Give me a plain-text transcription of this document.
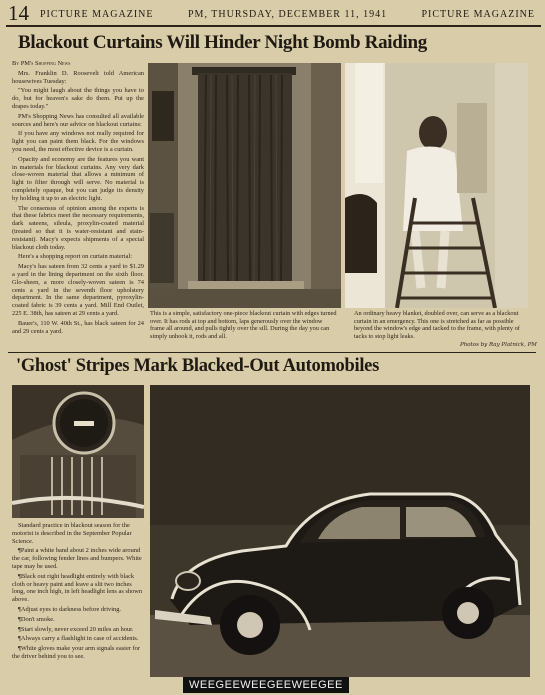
14 PICTURE MAGAZINE	PM, THURSDAY, DECEMBER 11, 1941	PICTURE MAGAZINE
Blackout Curtains Will Hinder Night Bomb Raiding

By PM's Shopping News

Mrs. Franklin D. Roosevelt told American housewives Tuesday:

"You might laugh about the things you have to do, but for heaven's sake do them. Put up the drapes today."

PM's Shopping News has consulted all available sources and here's our advice on blackout curtains:

If you have any windows not really required for light you can paint them black. For the windows you need, the most effective device is a curtain.

Opacity and economy are the features you want in materials for blackout curtains. Any very dark close-woven material that allows a minimum of light to filter through will serve. No material is completely opaque, but you can judge its density by holding it up to an electric light.

The consensus of opinion among the experts is that these fabrics meet the necessary requirements, dark sateens, sileula, proxylin-coated material (treated so that it is water-resistant and stain-resistant). Macy's expects shipments of a special blackout cloth today.

Here's a shopping report on curtain material:

Macy's has sateen from 32 cents a yard to $1.29 a yard in the lining department on the sixth floor. Glo-sheen, a more closely-woven sateen is 74 cents a yard in the seventh floor upholstery department. In the same department, pyroxylin-coated fabric is 39 cents a yard. Mill End Outlet, 225 E. 38th, has sateen at 29 cents a yard.

Bauer's, 110 W. 40th St., has black sateen for 24 and 29 cents a yard.

This is a simple, satisfactory one-piece blackout curtain with edges turned over. It has rods at top and bottom, laps generously over the window frame all around, and pulls tightly over the sill. During the day you can simply unhook it, rods and all.
An ordinary heavy blanket, doubled over, can serve as a blackout curtain in an emergency. This one is stretched as far as possible beyond the window's edge and tacked to the frame, with plenty of tacks to stop light leaks.
Photos by Ray Platnick, PM
'Ghost' Stripes Mark Blacked-Out Automobiles

Standard practice in blackout season for the motorist is described in the September Popular Science.

¶Paint a white band about 2 inches wide around the car, following fender lines and bumpers. White tape may be used.

¶Black out right headlight entirely with black cloth or heavy paint and leave a slit two inches long, one inch high, in left headlight lens as shown above.

¶Adjust eyes to darkness before driving.

¶Don't smoke.

¶Start slowly, never exceed 20 miles an hour.

¶Always carry a flashlight in case of accidents.

¶White gloves make your arm signals easier for the driver behind you to see.

WEEGEEWEEGEEWEEGEE
